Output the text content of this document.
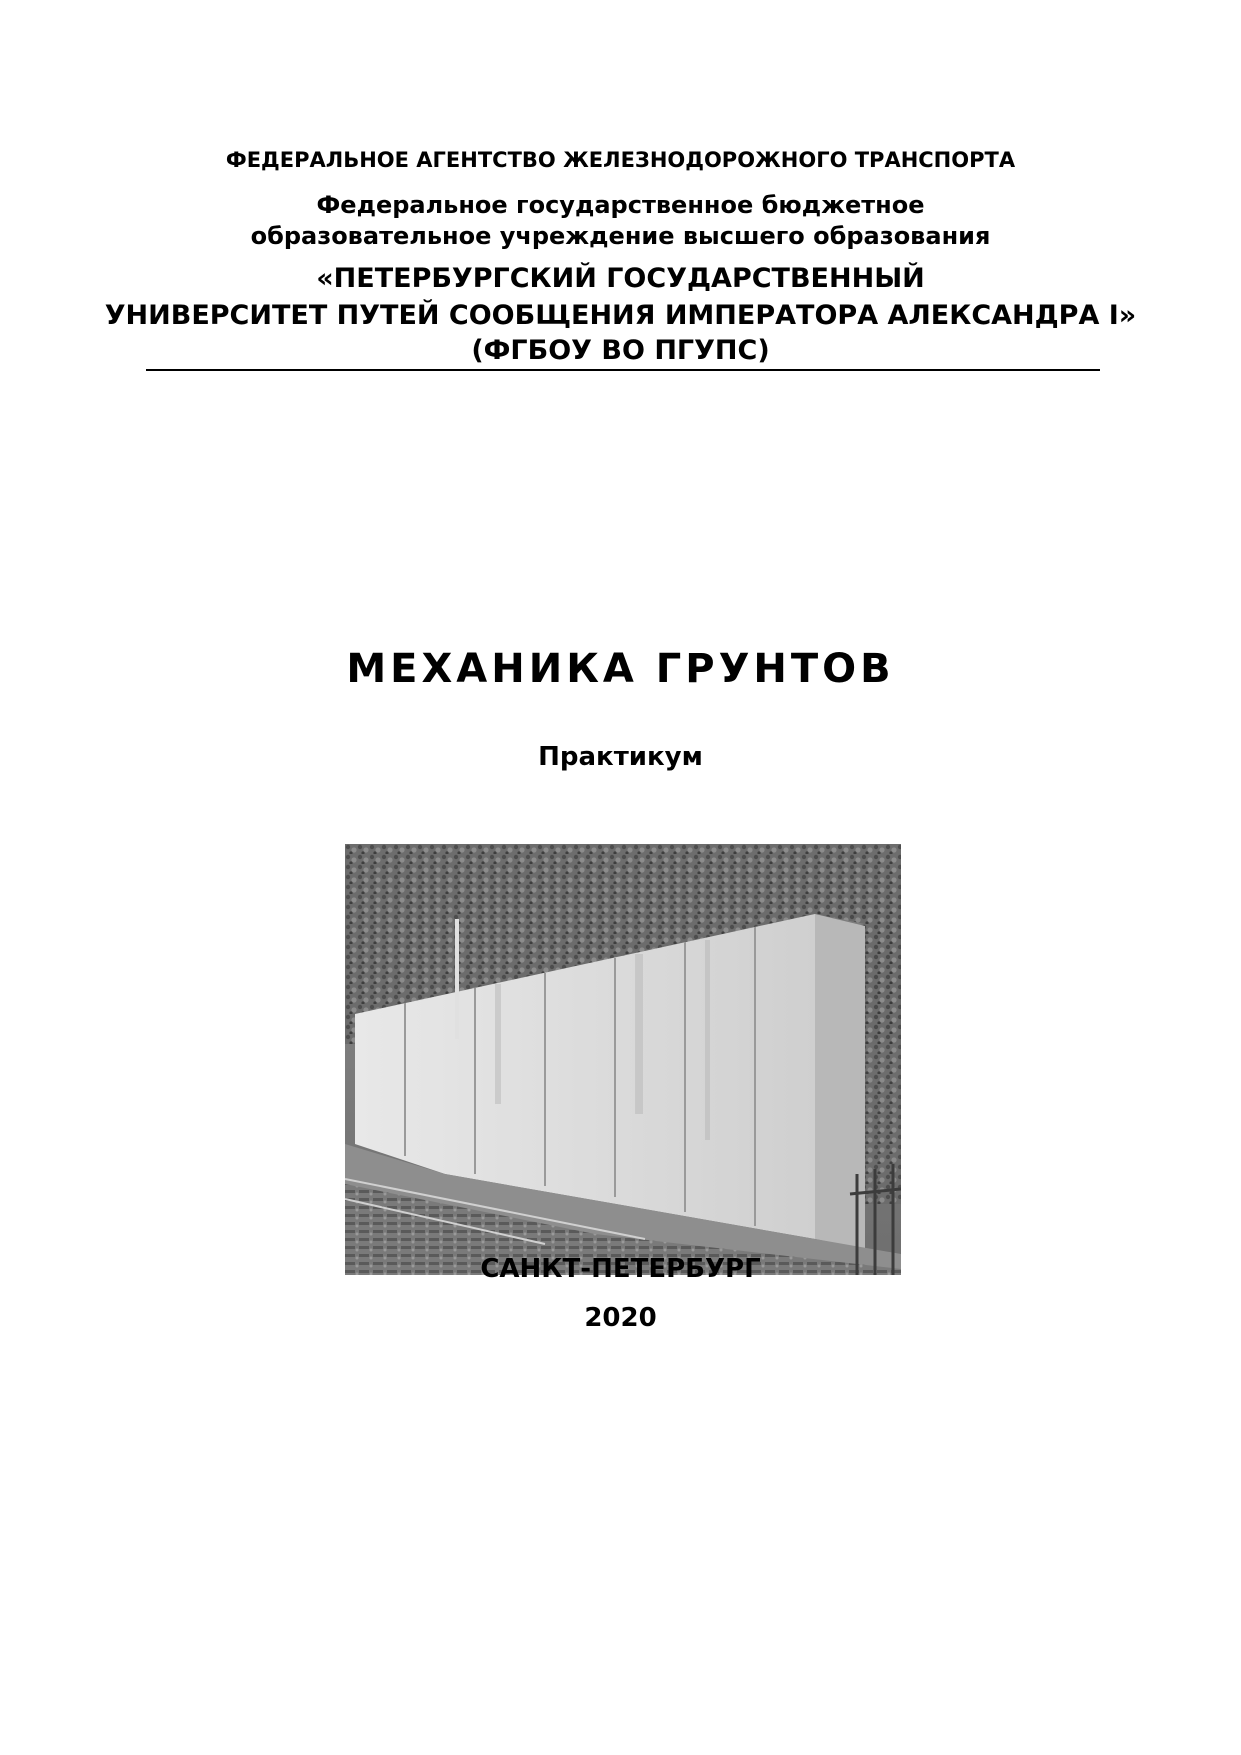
ФЕДЕРАЛЬНОЕ АГЕНТСТВО ЖЕЛЕЗНОДОРОЖНОГО ТРАНСПОРТА
Федеральное государственное бюджетное
образовательное учреждение высшего образования
«ПЕТЕРБУРГСКИЙ ГОСУДАРСТВЕННЫЙ
УНИВЕРСИТЕТ ПУТЕЙ СООБЩЕНИЯ ИМПЕРАТОРА АЛЕКСАНДРА I»
(ФГБОУ ВО ПГУПС)
МЕХАНИКА ГРУНТОВ
Практикум
САНКТ-ПЕТЕРБУРГ
2020
